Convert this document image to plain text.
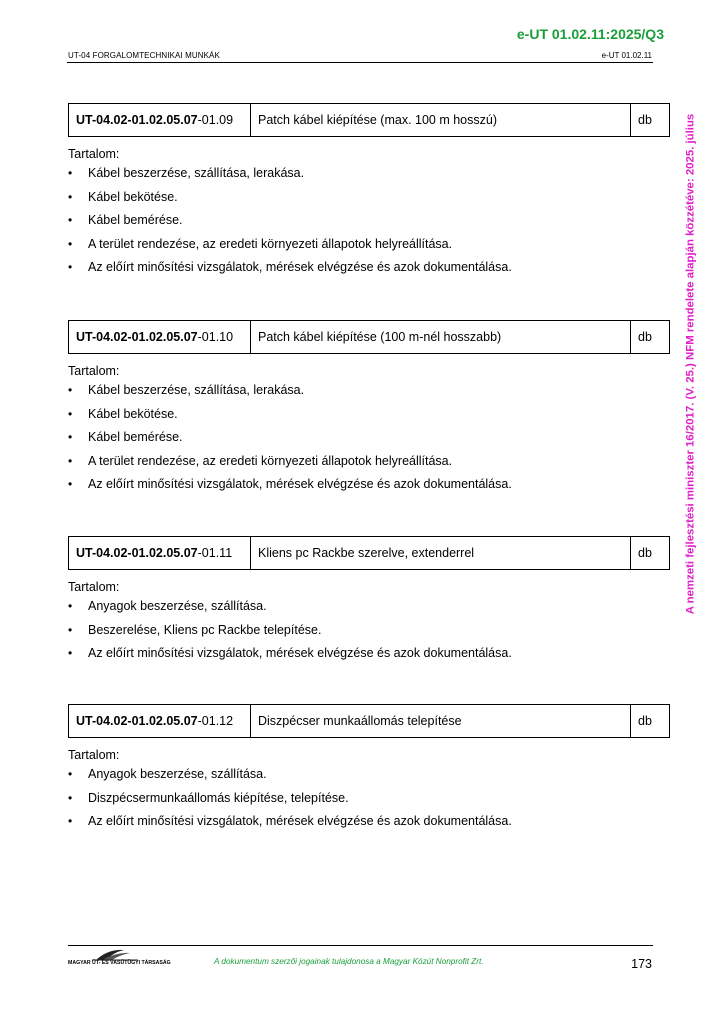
e-UT 01.02.11:2025/Q3
UT-04 FORGALOMTECHNIKAI MUNKÁK	e-UT 01.02.11
A nemzeti fejlesztési miniszter 16/2017. (V. 25.) NFM rendelete alapján közzétéve: 2025. július
UT-04.02-01.02.05.07 -01.09	Patch kábel kiépítése (max. 100 m hosszú)	db
Tartalom:
• Kábel beszerzése, szállítása, lerakása.
• Kábel bekötése.
• Kábel bemérése.
• A terület rendezése, az eredeti környezeti állapotok helyreállítása.
• Az előírt minősítési vizsgálatok, mérések elvégzése és azok dokumentálása.
UT-04.02-01.02.05.07 -01.10	Patch kábel kiépítése (100 m-nél hosszabb)	db
Tartalom:
• Kábel beszerzése, szállítása, lerakása.
• Kábel bekötése.
• Kábel bemérése.
• A terület rendezése, az eredeti környezeti állapotok helyreállítása.
• Az előírt minősítési vizsgálatok, mérések elvégzése és azok dokumentálása.
UT-04.02-01.02.05.07 -01.11	Kliens pc Rackbe szerelve, extenderrel	db
Tartalom:
• Anyagok beszerzése, szállítása.
• Beszerelése, Kliens pc Rackbe telepítése.
• Az előírt minősítési vizsgálatok, mérések elvégzése és azok dokumentálása.
UT-04.02-01.02.05.07 -01.12	Diszpécser munkaállomás telepítése	db
Tartalom:
• Anyagok beszerzése, szállítása.
• Diszpécsermunkaállomás kiépítése, telepítése.
• Az előírt minősítési vizsgálatok, mérések elvégzése és azok dokumentálása.
MAGYAR ÚT- ÉS VASÚTÜGYI TÁRSASÁG	A dokumentum szerzői jogainak tulajdonosa a Magyar Közút Nonprofit Zrt.	173
